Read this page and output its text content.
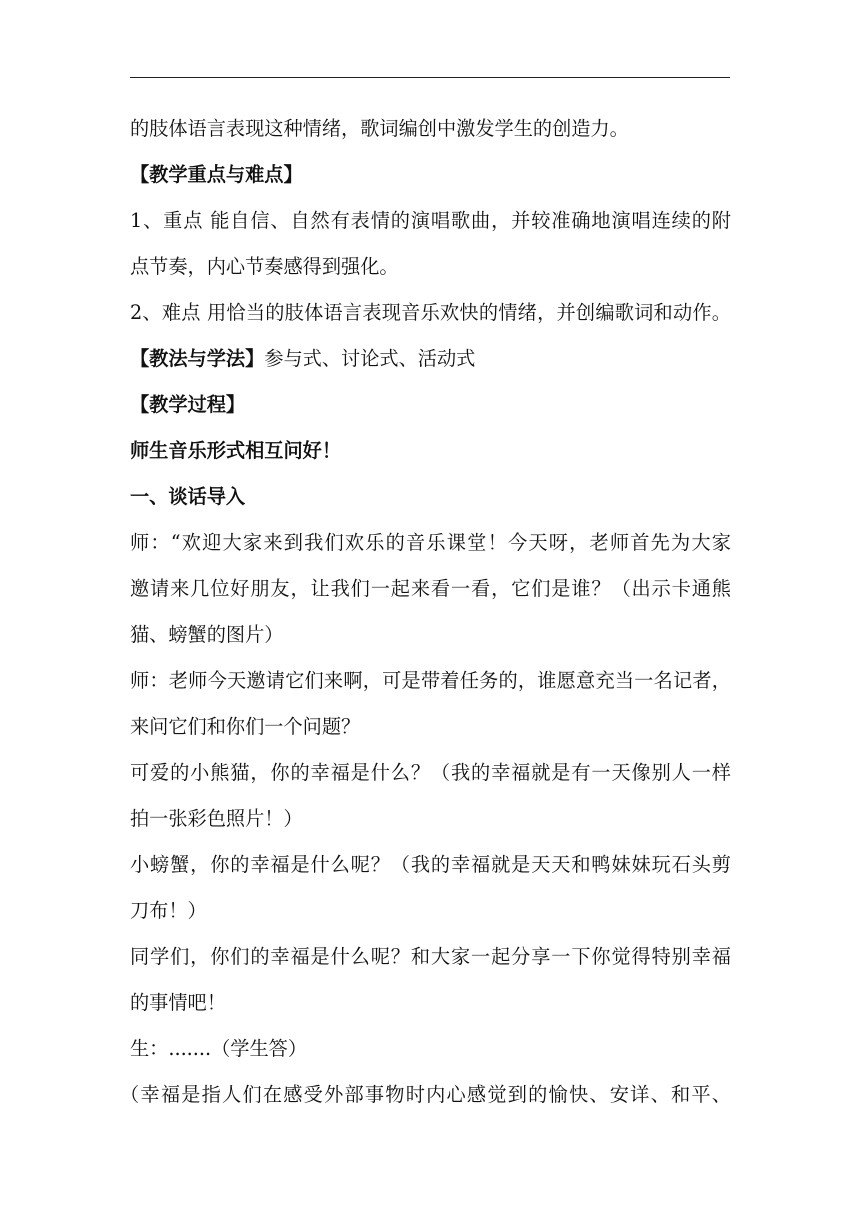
的肢体语言表现这种情绪，歌词编创中激发学生的创造力。
【教学重点与难点】
1、重点 能自信、自然有表情的演唱歌曲，并较准确地演唱连续的附
点节奏，内心节奏感得到强化。
2、难点 用恰当的肢体语言表现音乐欢快的情绪，并创编歌词和动作。
【教法与学法】参与式、讨论式、活动式
【教学过程】
师生音乐形式相互问好！
一、谈话导入
师：“欢迎大家来到我们欢乐的音乐课堂！今天呀，老师首先为大家
邀请来几位好朋友，让我们一起来看一看，它们是谁？（出示卡通熊
猫、螃蟹的图片）
师：老师今天邀请它们来啊，可是带着任务的，谁愿意充当一名记者，
来问它们和你们一个问题？
可爱的小熊猫，你的幸福是什么？（我的幸福就是有一天像别人一样
拍一张彩色照片！）
小螃蟹，你的幸福是什么呢？（我的幸福就是天天和鸭妹妹玩石头剪
刀布！）
同学们，你们的幸福是什么呢？和大家一起分享一下你觉得特别幸福
的事情吧！
生：.......（学生答）
（幸福是指人们在感受外部事物时内心感觉到的愉快、安详、和平、
